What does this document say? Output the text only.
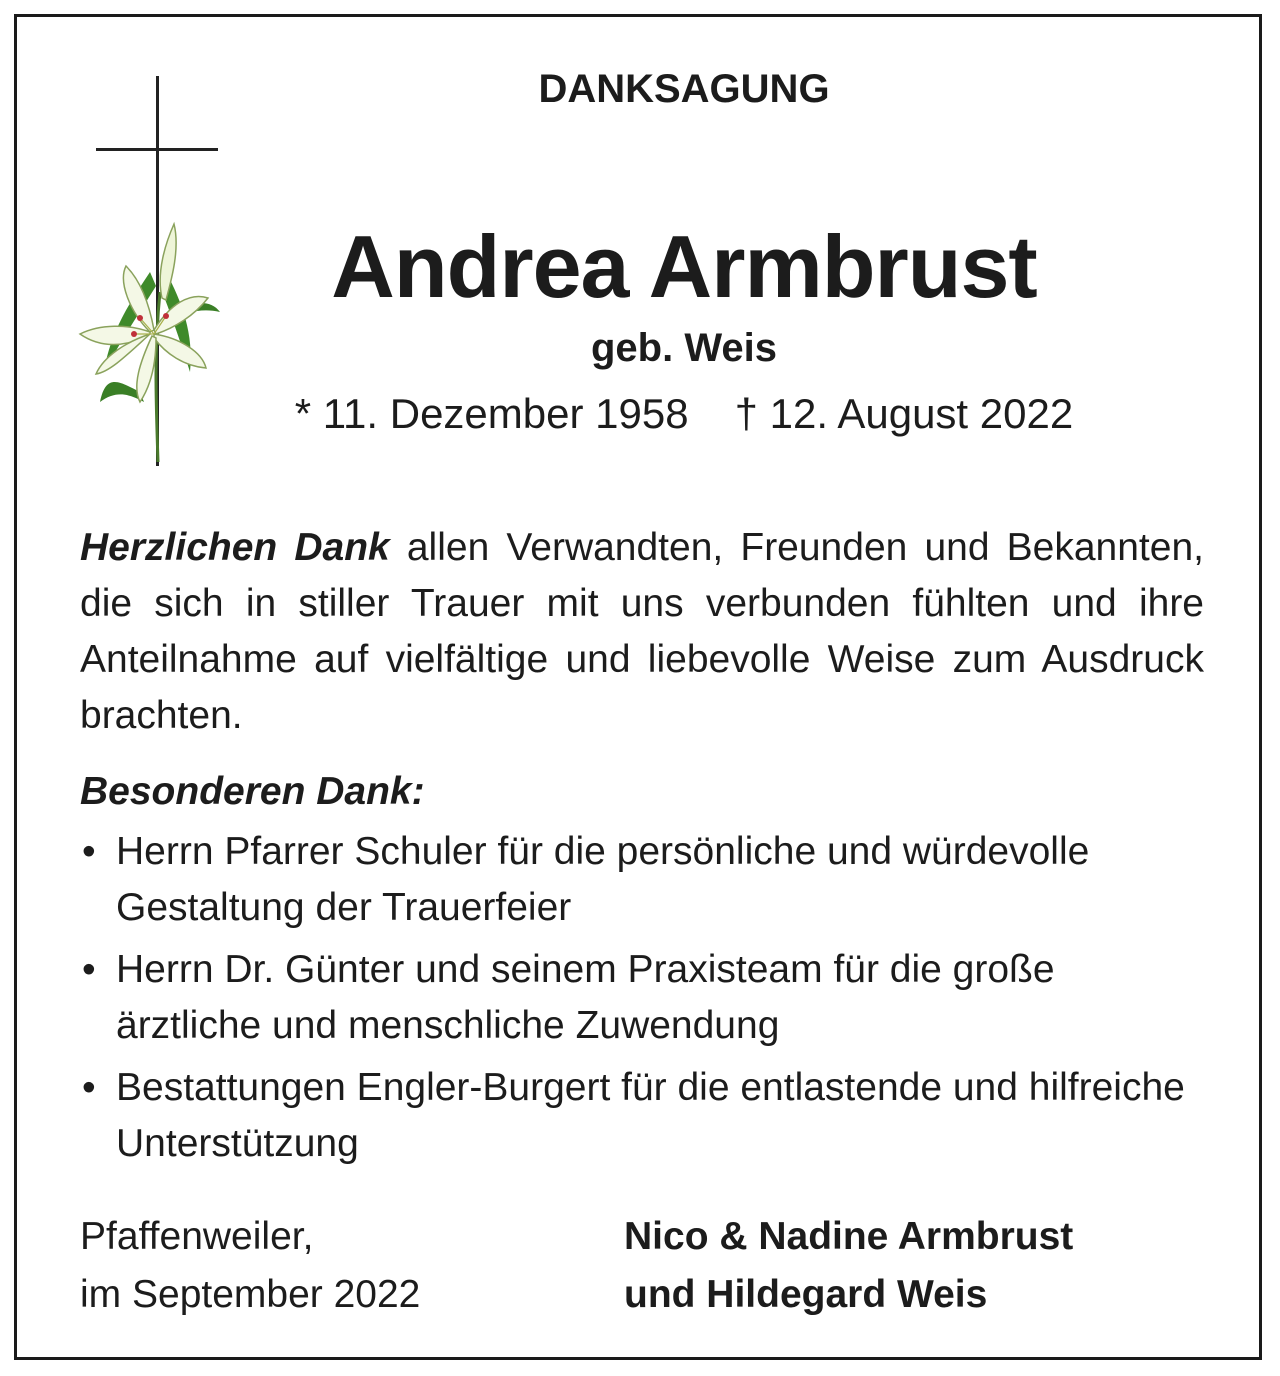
DANKSAGUNG
Andrea Armbrust
geb. Weis
* 11. Dezember 1958 † 12. August 2022
Herzlichen Dank allen Verwandten, Freunden und Bekannten, die sich in stiller Trauer mit uns verbunden fühlten und ihre Anteilnahme auf vielfältige und liebevolle Weise zum Ausdruck brachten.
Besonderen Dank:
• Herrn Pfarrer Schuler für die persönliche und würdevolle Gestaltung der Trauerfeier
• Herrn Dr. Günter und seinem Praxisteam für die große ärztliche und menschliche Zuwendung
• Bestattungen Engler-Burgert für die entlastende und hilfreiche Unterstützung
Pfaffenweiler,
im September 2022
Nico & Nadine Armbrust
und Hildegard Weis
